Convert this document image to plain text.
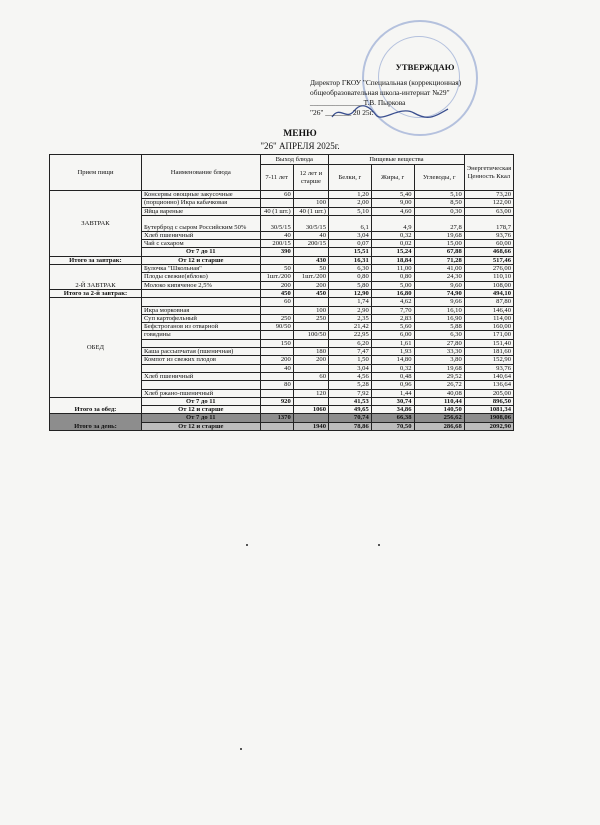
УТВЕРЖДАЮ
Директор ГКОУ "Специальная (коррекционная)
общеобразовательная школа-интернат №29"
______________ Т.В. Пыркова
"26" _______ 20 25г.
МЕНЮ
"26" АПРЕЛЯ 2025г.
Прием пищи	Наименование блюда	Выход блюда		Пищевые вещества			Энергетическая Ценность Ккал
		7-11 лет	12 лет и старше	Белки, г	Жиры, г	Углеводы, г	

ЗАВТРАК	Консервы овощные закусочные	60		1,20	5,40	5,10	73,20
	(порционно) Икра кабачковая		100	2,00	9,00	8,50	122,00
	Яйца вареные	40 (1 шт.)	40 (1 шт.)	5,10	4,60	0,30	63,00
	Бутерброд с сыром Российским 50%	30/5/15	30/5/15	6,1	4,9	27,8	178,7
	Хлеб пшеничный	40	40	3,04	0,32	19,68	93,76
	Чай с сахаром	200/15	200/15	0,07	0,02	15,00	60,00
	От 7 до 11	390		15,51	15,24	67,88	468,66
Итого за завтрак:	От 12 и старше		430	16,31	18,84	71,28	517,46
2-Й ЗАВТРАК	Булочка "Школьная"	50	50	6,30	11,00	41,00	276,00
	Плоды свежие(яблоко)	1шт./200	1шт./200	0,80	0,80	24,30	110,10
	Молоко кипяченое 2,5%	200	200	5,80	5,00	9,60	108,00
Итого за 2-й завтрак:		450	450	12,90	16,80	74,90	494,10
ОБЕД		60		1,74	4,62	9,66	87,80
	Икра морковная		100	2,90	7,70	16,10	146,40
	Суп картофельный	250	250	2,35	2,83	16,90	114,00
	Бефстроганов из отварной	90/50		21,42	5,60	5,88	160,00
	говядины		100/50	22,95	6,00	6,30	171,00
		150		6,20	1,61	27,80	151,40
	Каша рассыпчатая (пшеничная)		180	7,47	1,93	33,30	181,60
	Компот из свежих плодов	200	200	1,50	14,80	3,80	152,90
		40		3,04	0,32	19,68	93,76
	Хлеб пшеничный		60	4,56	0,48	29,52	140,64
		80		5,28	0,96	26,72	136,64
	Хлеб ржано-пшеничный		120	7,92	1,44	40,08	205,00
Итого за обед:	От 7 до 11	920		41,53	30,74	110,44	896,50
	От 12 и старше		1060	49,65	34,86	140,50	1081,34
Итого за день:	От 7 до 11	1370		70,74	66,38	256,62	1908,06
	От 12 и старше		1940	78,86	70,50	286,68	2092,90
